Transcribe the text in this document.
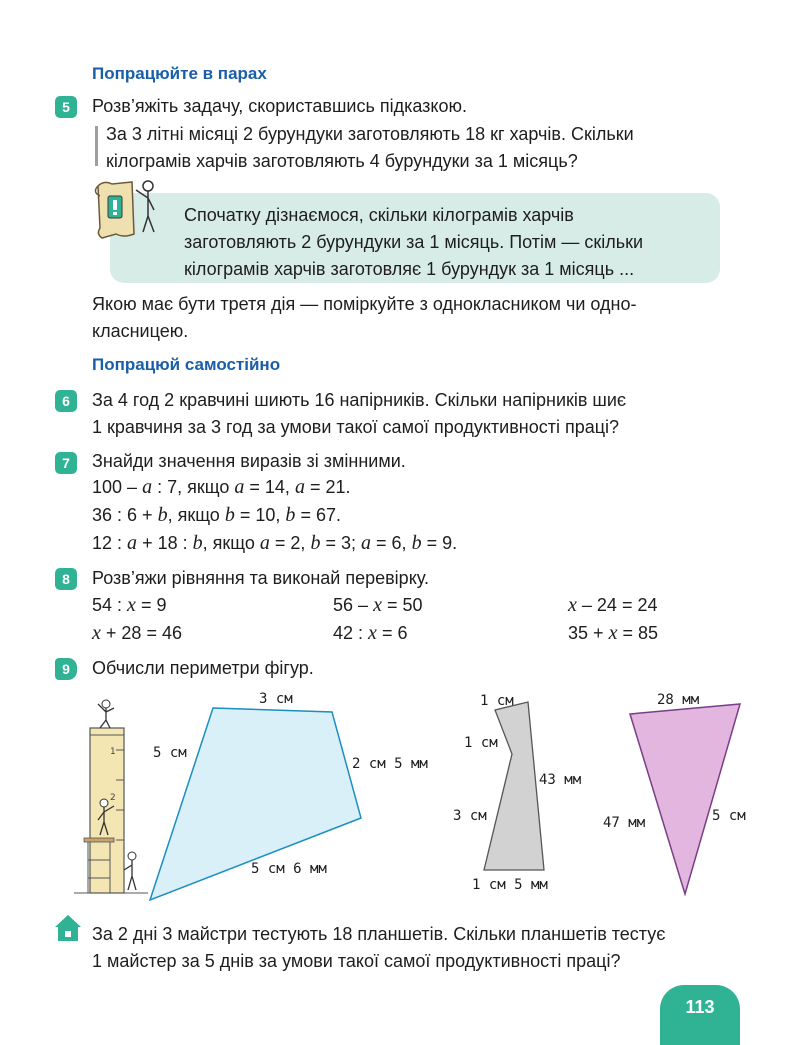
Попрацюйте в парах
5	Розв’яжіть задачу, скориставшись підказкою.
За 3 літні місяці 2 бурундуки заготовляють 18 кг харчів. Скільки
кілограмів харчів заготовляють 4 бурундуки за 1 місяць?
Спочатку дізнаємося, скільки кілограмів харчів
заготовляють 2 бурундуки за 1 місяць. Потім — скільки
кілограмів харчів заготовляє 1 бурундук за 1 місяць ...
Якою має бути третя дія — поміркуйте з однокласником чи одно-
класницею.
Попрацюй самостійно
6	За 4 год 2 кравчині шиють 16 напірників. Скільки напірників шиє
1 кравчиня за 3 год за умови такої самої продуктивності праці?
7	Знайди значення виразів зі змінними.
100 – a : 7, якщо a = 14, a = 21.
36 : 6 + b, якщо b = 10, b = 67.
12 : a + 18 : b, якщо a = 2, b = 3; a = 6, b = 9.
8	Розв’яжи рівняння та виконай перевірку.
54 : x = 9	56 – x = 50	x – 24 = 24
x + 28 = 46	42 : x = 6	35 + x = 85
9	Обчисли периметри фігур.
1
2
3 см
5 см
2 см 5 мм
5 см 6 мм
1 см
1 см
43 мм
3 см
1 см 5 мм
28 мм
47 мм	5 см
За 2 дні 3 майстри тестують 18 планшетів. Скільки планшетів тестує
1 майстер за 5 днів за умови такої самої продуктивності праці?
113
